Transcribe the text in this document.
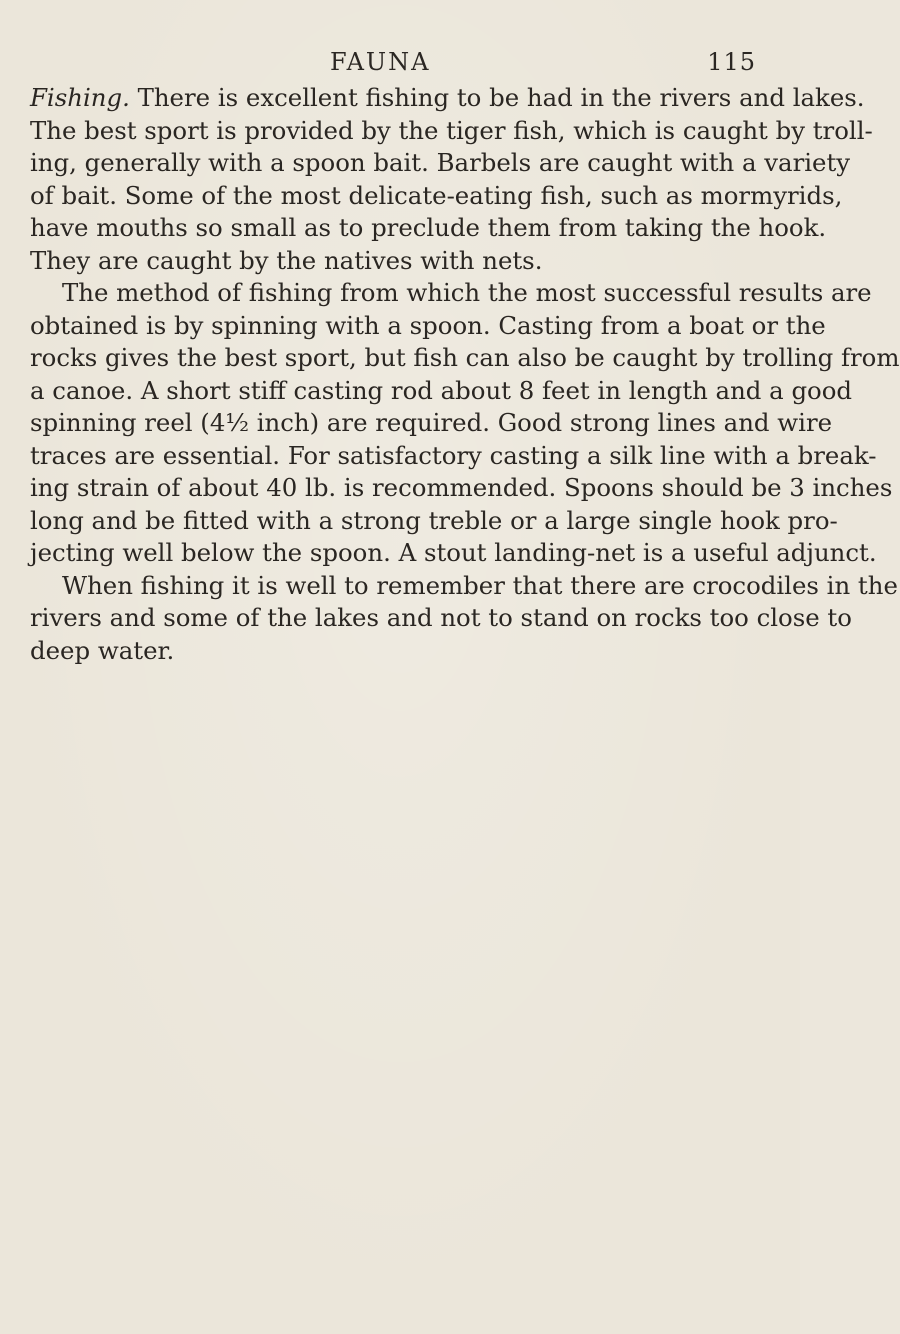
FAUNA	115
Fishing. There is excellent fishing to be had in the rivers and lakes.
The best sport is provided by the tiger fish, which is caught by troll-
ing, generally with a spoon bait. Barbels are caught with a variety
of bait. Some of the most delicate-eating fish, such as mormyrids,
have mouths so small as to preclude them from taking the hook.
They are caught by the natives with nets.
The method of fishing from which the most successful results are
obtained is by spinning with a spoon. Casting from a boat or the
rocks gives the best sport, but fish can also be caught by trolling from
a canoe. A short stiff casting rod about 8 feet in length and a good
spinning reel (4½ inch) are required. Good strong lines and wire
traces are essential. For satisfactory casting a silk line with a break-
ing strain of about 40 lb. is recommended. Spoons should be 3 inches
long and be fitted with a strong treble or a large single hook pro-
jecting well below the spoon. A stout landing-net is a useful adjunct.
When fishing it is well to remember that there are crocodiles in the
rivers and some of the lakes and not to stand on rocks too close to
deep water.
